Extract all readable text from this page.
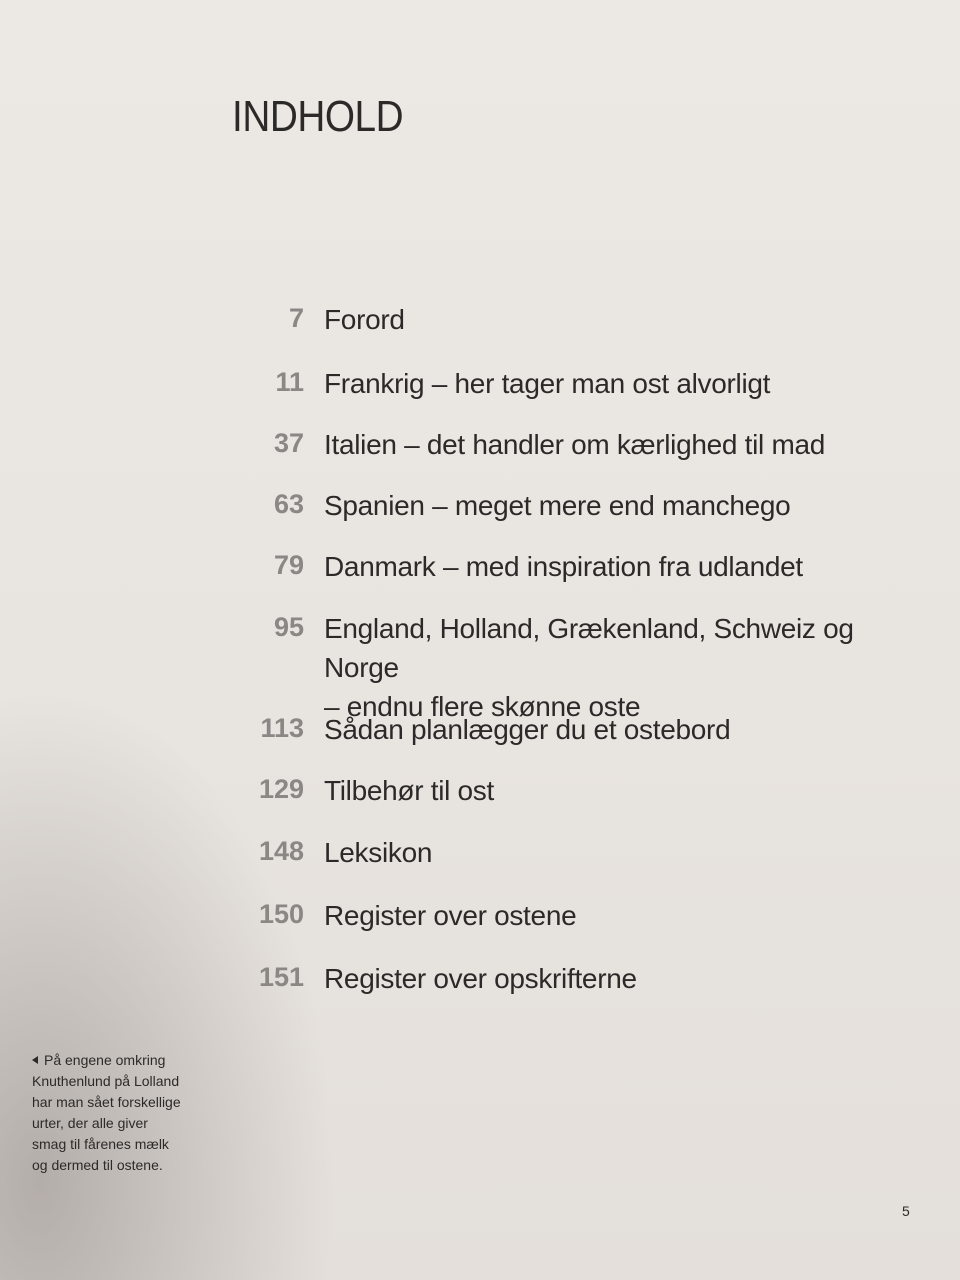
INDHOLD
7 Forord
11 Frankrig – her tager man ost alvorligt
37 Italien – det handler om kærlighed til mad
63 Spanien – meget mere end manchego
79 Danmark – med inspiration fra udlandet
95 England, Holland, Grækenland, Schweiz og Norge
– endnu flere skønne oste
113 Sådan planlægger du et ostebord
129 Tilbehør til ost
148 Leksikon
150 Register over ostene
151 Register over opskrifterne

På engene omkring
Knuthenlund på Lolland
har man sået forskellige
urter, der alle giver
smag til fårenes mælk
og dermed til ostene.

5
